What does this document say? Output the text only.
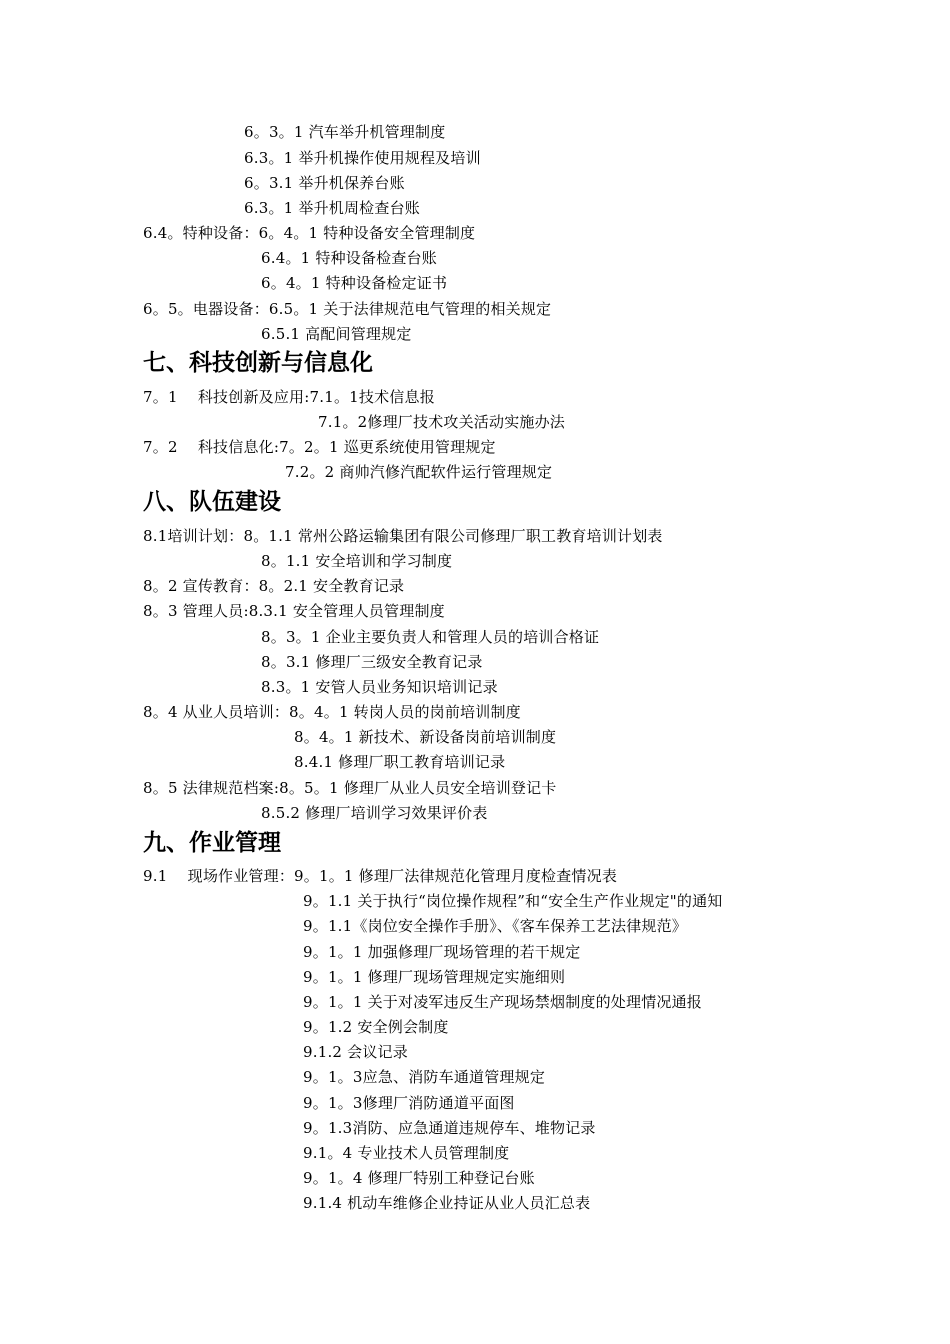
6。3。1 汽车举升机管理制度
6.3。1 举升机操作使用规程及培训
6。3.1 举升机保养台账
6.3。1 举升机周检查台账
6.4。特种设备：6。4。1 特种设备安全管理制度
6.4。1 特种设备检查台账
6。4。1 特种设备检定证书
6。5。电器设备：6.5。1 关于法律规范电气管理的相关规定
6.5.1 高配间管理规定
七、科技创新与信息化
7。1　 科技创新及应用:7.1。1技术信息报
7.1。2修理厂技术攻关活动实施办法
7。2　 科技信息化:7。2。1 巡更系统使用管理规定
7.2。2 商帅汽修汽配软件运行管理规定
八、队伍建设
8.1培训计划：8。1.1 常州公路运输集团有限公司修理厂职工教育培训计划表
8。1.1 安全培训和学习制度
8。2 宣传教育：8。2.1 安全教育记录
8。3 管理人员:8.3.1 安全管理人员管理制度
8。3。1 企业主要负责人和管理人员的培训合格证
8。3.1 修理厂三级安全教育记录
8.3。1 安管人员业务知识培训记录
8。4 从业人员培训：8。4。1 转岗人员的岗前培训制度
8。4。1 新技术、新设备岗前培训制度
8.4.1 修理厂职工教育培训记录
8。5 法律规范档案:8。5。1 修理厂从业人员安全培训登记卡
8.5.2 修理厂培训学习效果评价表
九、作业管理
9.1　 现场作业管理：9。1。1 修理厂法律规范化管理月度检查情况表
9。1.1 关于执行“岗位操作规程”和“安全生产作业规定"的通知
9。1.1《岗位安全操作手册》、《客车保养工艺法律规范》
9。1。1 加强修理厂现场管理的若干规定
9。1。1 修理厂现场管理规定实施细则
9。1。1 关于对凌军违反生产现场禁烟制度的处理情况通报
9。1.2 安全例会制度
9.1.2 会议记录
9。1。3应急、消防车通道管理规定
9。1。3修理厂消防通道平面图
9。1.3消防、应急通道违规停车、堆物记录
9.1。4 专业技术人员管理制度
9。1。4 修理厂特别工种登记台账
9.1.4 机动车维修企业持证从业人员汇总表
